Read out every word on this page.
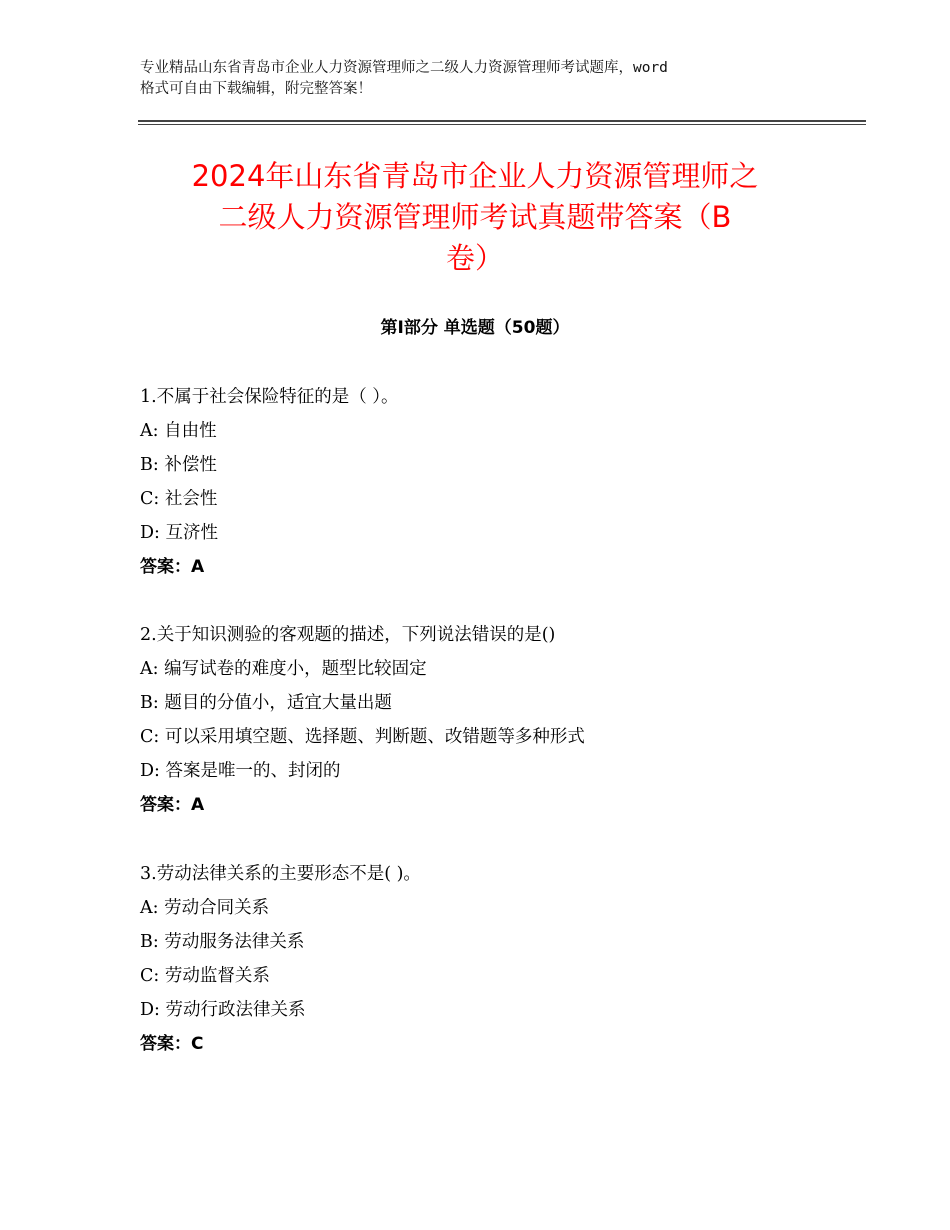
专业精品山东省青岛市企业人力资源管理师之二级人力资源管理师考试题库，word
格式可自由下载编辑，附完整答案！
2024年山东省青岛市企业人力资源管理师之
二级人力资源管理师考试真题带答案（B
卷）
第Ⅰ部分 单选题（50题）
1.不属于社会保险特征的是（ ）。
A: 自由性
B: 补偿性
C: 社会性
D: 互济性
答案：A
2.关于知识测验的客观题的描述，下列说法错误的是()
A: 编写试卷的难度小，题型比较固定
B: 题目的分值小，适宜大量出题
C: 可以采用填空题、选择题、判断题、改错题等多种形式
D: 答案是唯一的、封闭的
答案：A
3.劳动法律关系的主要形态不是( )。
A: 劳动合同关系
B: 劳动服务法律关系
C: 劳动监督关系
D: 劳动行政法律关系
答案：C
